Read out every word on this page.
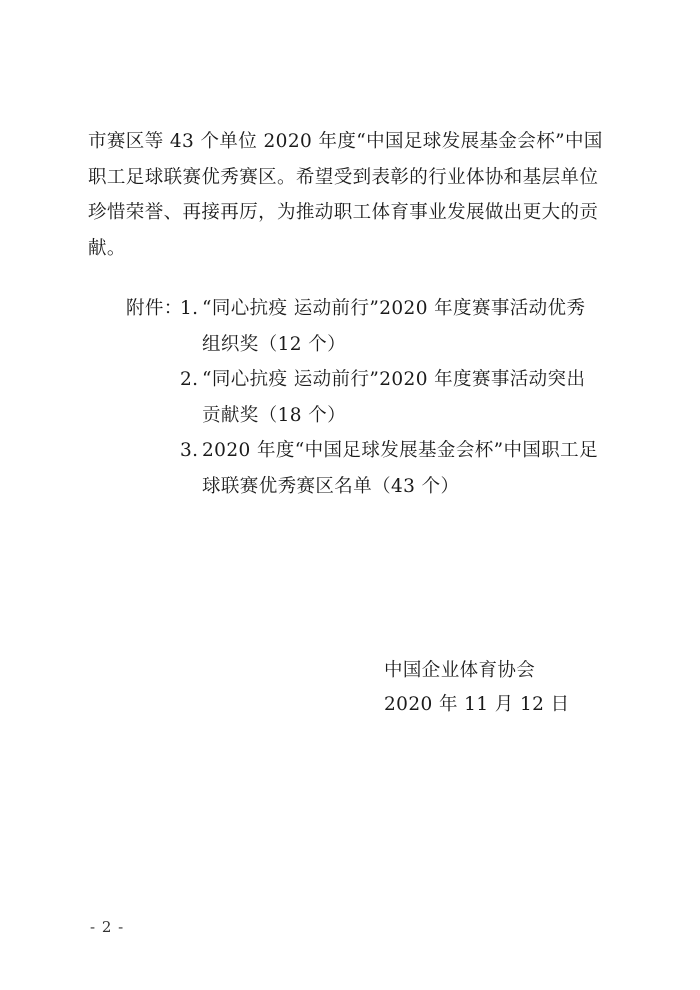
市赛区等 43 个单位 2020 年度“中国足球发展基金会杯”中国
职工足球联赛优秀赛区。希望受到表彰的行业体协和基层单位
珍惜荣誉、再接再厉，为推动职工体育事业发展做出更大的贡
献。
附件：
1. “同心抗疫 运动前行”2020 年度赛事活动优秀
组织奖（12 个）
2. “同心抗疫 运动前行”2020 年度赛事活动突出
贡献奖（18 个）
3. 2020 年度“中国足球发展基金会杯”中国职工足
球联赛优秀赛区名单（43 个）
中国企业体育协会
2020 年 11 月 12 日
- 2 -
